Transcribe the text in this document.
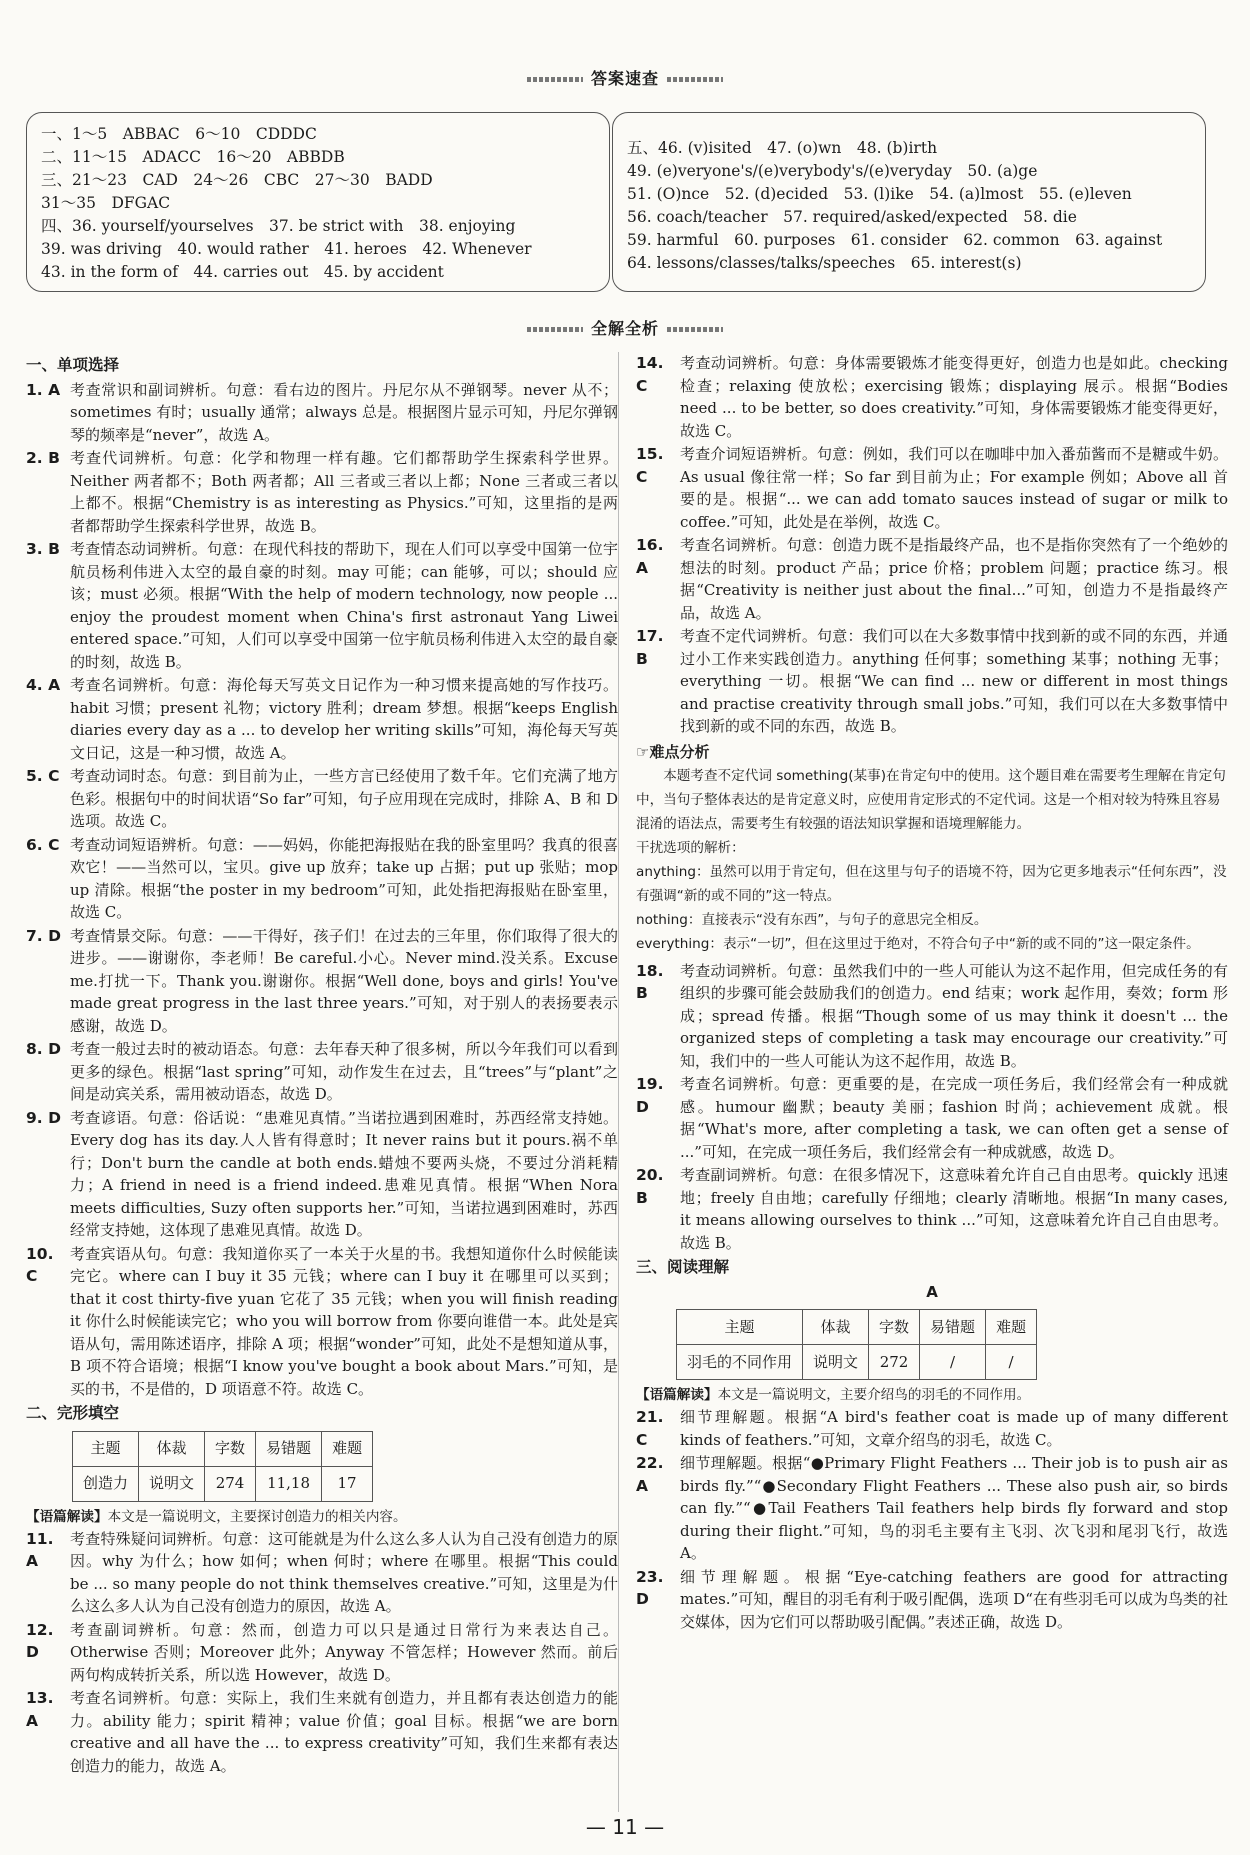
答案速查
一、1～5　ABBAC　6～10　CDDDC
二、11～15　ADACC　16～20　ABBDB
三、21～23　CAD　24～26　CBC　27～30　BADD
31～35　DFGAC
四、36. yourself/yourselves　37. be strict with　38. enjoying
39. was driving　40. would rather　41. heroes　42. Whenever
43. in the form of　44. carries out　45. by accident
五、46. (v)isited　47. (o)wn　48. (b)irth
49. (e)veryone's/(e)verybody's/(e)veryday　50. (a)ge
51. (O)nce　52. (d)ecided　53. (l)ike　54. (a)lmost　55. (e)leven
56. coach/teacher　57. required/asked/expected　58. die
59. harmful　60. purposes　61. consider　62. common　63. against
64. lessons/classes/talks/speeches　65. interest(s)
全解全析
一、单项选择
1. A 考查常识和副词辨析。句意：看右边的图片。丹尼尔从不弹钢琴。never 从不；sometimes 有时；usually 通常；always 总是。根据图片显示可知，丹尼尔弹钢琴的频率是“never”，故选 A。
2. B 考查代词辨析。句意：化学和物理一样有趣。它们都帮助学生探索科学世界。Neither 两者都不；Both 两者都；All 三者或三者以上都；None 三者或三者以上都不。根据“Chemistry is as interesting as Physics.”可知，这里指的是两者都帮助学生探索科学世界，故选 B。
3. B 考查情态动词辨析。句意：在现代科技的帮助下，现在人们可以享受中国第一位宇航员杨利伟进入太空的最自豪的时刻。may 可能；can 能够，可以；should 应该；must 必须。根据“With the help of modern technology, now people ... enjoy the proudest moment when China's first astronaut Yang Liwei entered space.”可知，人们可以享受中国第一位宇航员杨利伟进入太空的最自豪的时刻，故选 B。
4. A 考查名词辨析。句意：海伦每天写英文日记作为一种习惯来提高她的写作技巧。habit 习惯；present 礼物；victory 胜利；dream 梦想。根据“keeps English diaries every day as a ... to develop her writing skills”可知，海伦每天写英文日记，这是一种习惯，故选 A。
5. C 考查动词时态。句意：到目前为止，一些方言已经使用了数千年。它们充满了地方色彩。根据句中的时间状语“So far”可知，句子应用现在完成时，排除 A、B 和 D 选项。故选 C。
6. C 考查动词短语辨析。句意：——妈妈，你能把海报贴在我的卧室里吗？我真的很喜欢它！——当然可以，宝贝。give up 放弃；take up 占据；put up 张贴；mop up 清除。根据“the poster in my bedroom”可知，此处指把海报贴在卧室里，故选 C。
7. D 考查情景交际。句意：——干得好，孩子们！在过去的三年里，你们取得了很大的进步。——谢谢你，李老师！Be careful.小心。Never mind.没关系。Excuse me.打扰一下。Thank you.谢谢你。根据“Well done, boys and girls! You've made great progress in the last three years.”可知，对于别人的表扬要表示感谢，故选 D。
8. D 考查一般过去时的被动语态。句意：去年春天种了很多树，所以今年我们可以看到更多的绿色。根据“last spring”可知，动作发生在过去，且“trees”与“plant”之间是动宾关系，需用被动语态，故选 D。
9. D 考查谚语。句意：俗话说：“患难见真情。”当诺拉遇到困难时，苏西经常支持她。Every dog has its day.人人皆有得意时；It never rains but it pours.祸不单行；Don't burn the candle at both ends.蜡烛不要两头烧，不要过分消耗精力；A friend in need is a friend indeed.患难见真情。根据“When Nora meets difficulties, Suzy often supports her.”可知，当诺拉遇到困难时，苏西经常支持她，这体现了患难见真情。故选 D。
10. C
考查宾语从句。句意：我知道你买了一本关于火星的书。我想知道你什么时候能读完它。where can I buy it 35 元钱；where can I buy it 在哪里可以买到；that it cost thirty-five yuan 它花了 35 元钱；when you will finish reading it 你什么时候能读完它；who you will borrow from 你要向谁借一本。此处是宾语从句，需用陈述语序，排除 A 项；根据“wonder”可知，此处不是想知道从事，B 项不符合语境；根据“I know you've bought a book about Mars.”可知，是买的书，不是借的，D 项语意不符。故选 C。
二、完形填空
主题	体裁	字数	易错题	难题
创造力	说明文	274	11,18	17
【语篇解读】本文是一篇说明文，主要探讨创造力的相关内容。
11. A
考查特殊疑问词辨析。句意：这可能就是为什么这么多人认为自己没有创造力的原因。why 为什么；how 如何；when 何时；where 在哪里。根据“This could be ... so many people do not think themselves creative.”可知，这里是为什么这么多人认为自己没有创造力的原因，故选 A。
12. D
考查副词辨析。句意：然而，创造力可以只是通过日常行为来表达自己。Otherwise 否则；Moreover 此外；Anyway 不管怎样；However 然而。前后两句构成转折关系，所以选 However，故选 D。
13. A
考查名词辨析。句意：实际上，我们生来就有创造力，并且都有表达创造力的能力。ability 能力；spirit 精神；value 价值；goal 目标。根据“we are born creative and all have the ... to express creativity”可知，我们生来都有表达创造力的能力，故选 A。
14. C
考查动词辨析。句意：身体需要锻炼才能变得更好，创造力也是如此。checking 检查；relaxing 使放松；exercising 锻炼；displaying 展示。根据“Bodies need ... to be better, so does creativity.”可知，身体需要锻炼才能变得更好，故选 C。
15. C
考查介词短语辨析。句意：例如，我们可以在咖啡中加入番茄酱而不是糖或牛奶。As usual 像往常一样；So far 到目前为止；For example 例如；Above all 首要的是。根据“... we can add tomato sauces instead of sugar or milk to coffee.”可知，此处是在举例，故选 C。
16. A
考查名词辨析。句意：创造力既不是指最终产品，也不是指你突然有了一个绝妙的想法的时刻。product 产品；price 价格；problem 问题；practice 练习。根据“Creativity is neither just about the final...”可知，创造力不是指最终产品，故选 A。
17. B
考查不定代词辨析。句意：我们可以在大多数事情中找到新的或不同的东西，并通过小工作来实践创造力。anything 任何事；something 某事；nothing 无事；everything 一切。根据“We can find ... new or different in most things and practise creativity through small jobs.”可知，我们可以在大多数事情中找到新的或不同的东西，故选 B。
☞难点分析

本题考查不定代词 something(某事)在肯定句中的使用。这个题目难在需要考生理解在肯定句中，当句子整体表达的是肯定意义时，应使用肯定形式的不定代词。这是一个相对较为特殊且容易混淆的语法点，需要考生有较强的语法知识掌握和语境理解能力。

干扰选项的解析：
anything：虽然可以用于肯定句，但在这里与句子的语境不符，因为它更多地表示“任何东西”，没有强调“新的或不同的”这一特点。
nothing：直接表示“没有东西”，与句子的意思完全相反。
everything：表示“一切”，但在这里过于绝对，不符合句子中“新的或不同的”这一限定条件。
18. B
考查动词辨析。句意：虽然我们中的一些人可能认为这不起作用，但完成任务的有组织的步骤可能会鼓励我们的创造力。end 结束；work 起作用，奏效；form 形成；spread 传播。根据“Though some of us may think it doesn't ... the organized steps of completing a task may encourage our creativity.”可知，我们中的一些人可能认为这不起作用，故选 B。
19. D
考查名词辨析。句意：更重要的是，在完成一项任务后，我们经常会有一种成就感。humour 幽默；beauty 美丽；fashion 时尚；achievement 成就。根据“What's more, after completing a task, we can often get a sense of ...”可知，在完成一项任务后，我们经常会有一种成就感，故选 D。
20. B
考查副词辨析。句意：在很多情况下，这意味着允许自己自由思考。quickly 迅速地；freely 自由地；carefully 仔细地；clearly 清晰地。根据“In many cases, it means allowing ourselves to think ...”可知，这意味着允许自己自由思考。故选 B。
三、阅读理解
A
主题	体裁	字数	易错题	难题
羽毛的不同作用	说明文	272	/	/
【语篇解读】本文是一篇说明文，主要介绍鸟的羽毛的不同作用。
21. C
细节理解题。根据“A bird's feather coat is made up of many different kinds of feathers.”可知，文章介绍鸟的羽毛，故选 C。
22. A
细节理解题。根据“●Primary Flight Feathers ... Their job is to push air as birds fly.”“●Secondary Flight Feathers ... These also push air, so birds can fly.”“●Tail Feathers Tail feathers help birds fly forward and stop during their flight.”可知，鸟的羽毛主要有主飞羽、次飞羽和尾羽飞行，故选 A。
23. D
细节理解题。根据“Eye-catching feathers are good for attracting mates.”可知，醒目的羽毛有利于吸引配偶，选项 D“在有些羽毛可以成为鸟类的社交媒体，因为它们可以帮助吸引配偶。”表述正确，故选 D。
— 11 —
